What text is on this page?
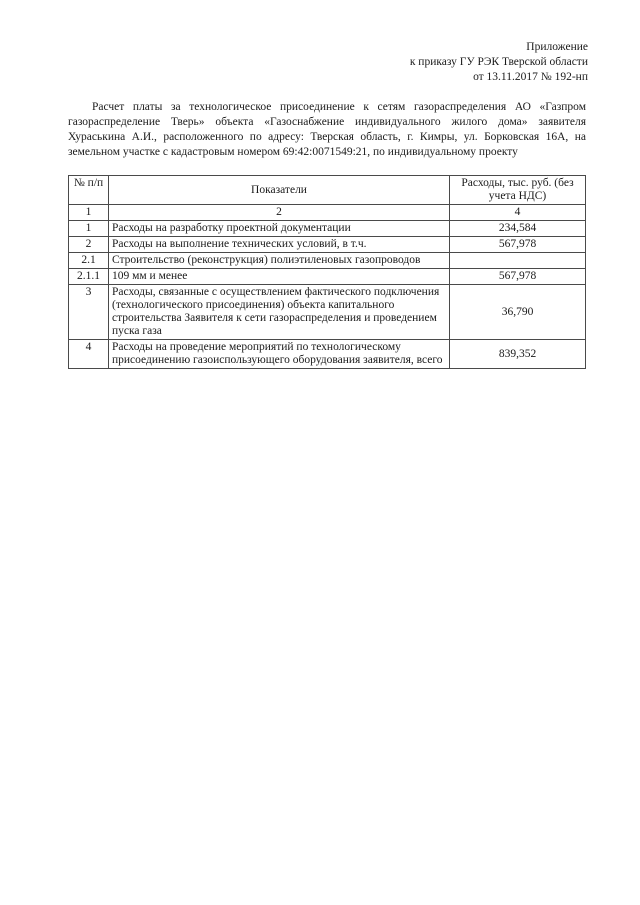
Приложение
к приказу ГУ РЭК Тверской области
от 13.11.2017 № 192-нп
Расчет платы за технологическое присоединение к сетям газораспределения АО «Газпром газораспределение Тверь» объекта «Газоснабжение индивидуального жилого дома» заявителя Хураськина А.И., расположенного по адресу: Тверская область, г. Кимры, ул. Борковская 16А, на земельном участке с кадастровым номером 69:42:0071549:21, по индивидуальному проекту
№ п/п	Показатели	Расходы, тыс. руб. (без учета НДС)
1	2	4
1	Расходы на разработку проектной документации	234,584
2	Расходы на выполнение технических условий, в т.ч.	567,978
2.1	Строительство (реконструкция) полиэтиленовых газопроводов	
2.1.1	109 мм и менее	567,978
3	Расходы, связанные с осуществлением фактического подключения (технологического присоединения) объекта капитального строительства Заявителя к сети газораспределения и проведением пуска газа	36,790
4	Расходы на проведение мероприятий по технологическому присоединению газоиспользующего оборудования заявителя, всего	839,352
